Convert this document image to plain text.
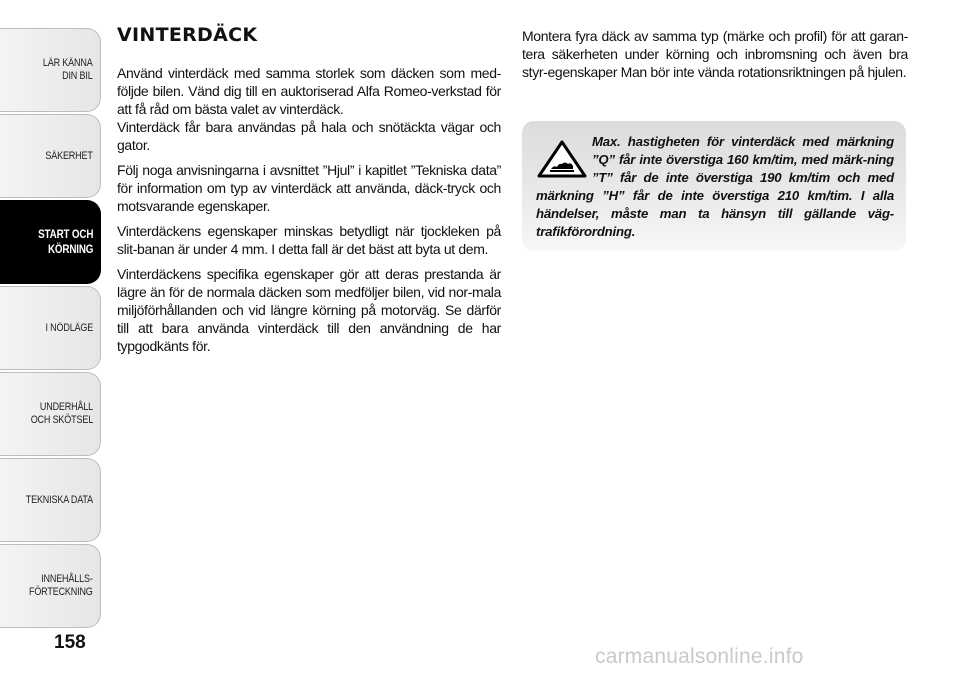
LÄR KÄNNA
DIN BIL
SÄKERHET
START OCH
KÖRNING
I NÖDLÄGE
UNDERHÅLL
OCH SKÖTSEL
TEKNISKA DATA
INNEHÅLLS-
FÖRTECKNING
158
VINTERDÄCK

Använd vinterdäck med samma storlek som däcken som med-följde bilen. Vänd dig till en auktoriserad Alfa Romeo-verkstad för att få råd om bästa valet av vinterdäck.

Vinterdäck får bara användas på hala och snötäckta vägar och gator.

Följ noga anvisningarna i avsnittet ”Hjul” i kapitlet ”Tekniska data” för information om typ av vinterdäck att använda, däck-tryck och motsvarande egenskaper.

Vinterdäckens egenskaper minskas betydligt när tjockleken på slit-banan är under 4 mm. I detta fall är det bäst att byta ut dem.

Vinterdäckens specifika egenskaper gör att deras prestanda är lägre än för de normala däcken som medföljer bilen, vid nor-mala miljöförhållanden och vid längre körning på motorväg. Se därför till att bara använda vinterdäck till den användning de har typgodkänts för.

Montera fyra däck av samma typ (märke och profil) för att garan-tera säkerheten under körning och inbromsning och även bra styr-egenskaper Man bör inte vända rotationsriktningen på hjulen.

Max. hastigheten för vinterdäck med märkning ”Q” får inte överstiga 160 km/tim, med märk-ning ”T” får de inte överstiga 190 km/tim och med märkning ”H” får de inte överstiga 210 km/tim. I alla händelser, måste man ta hänsyn till gällande väg-trafikförordning.

carmanualsonline.info
